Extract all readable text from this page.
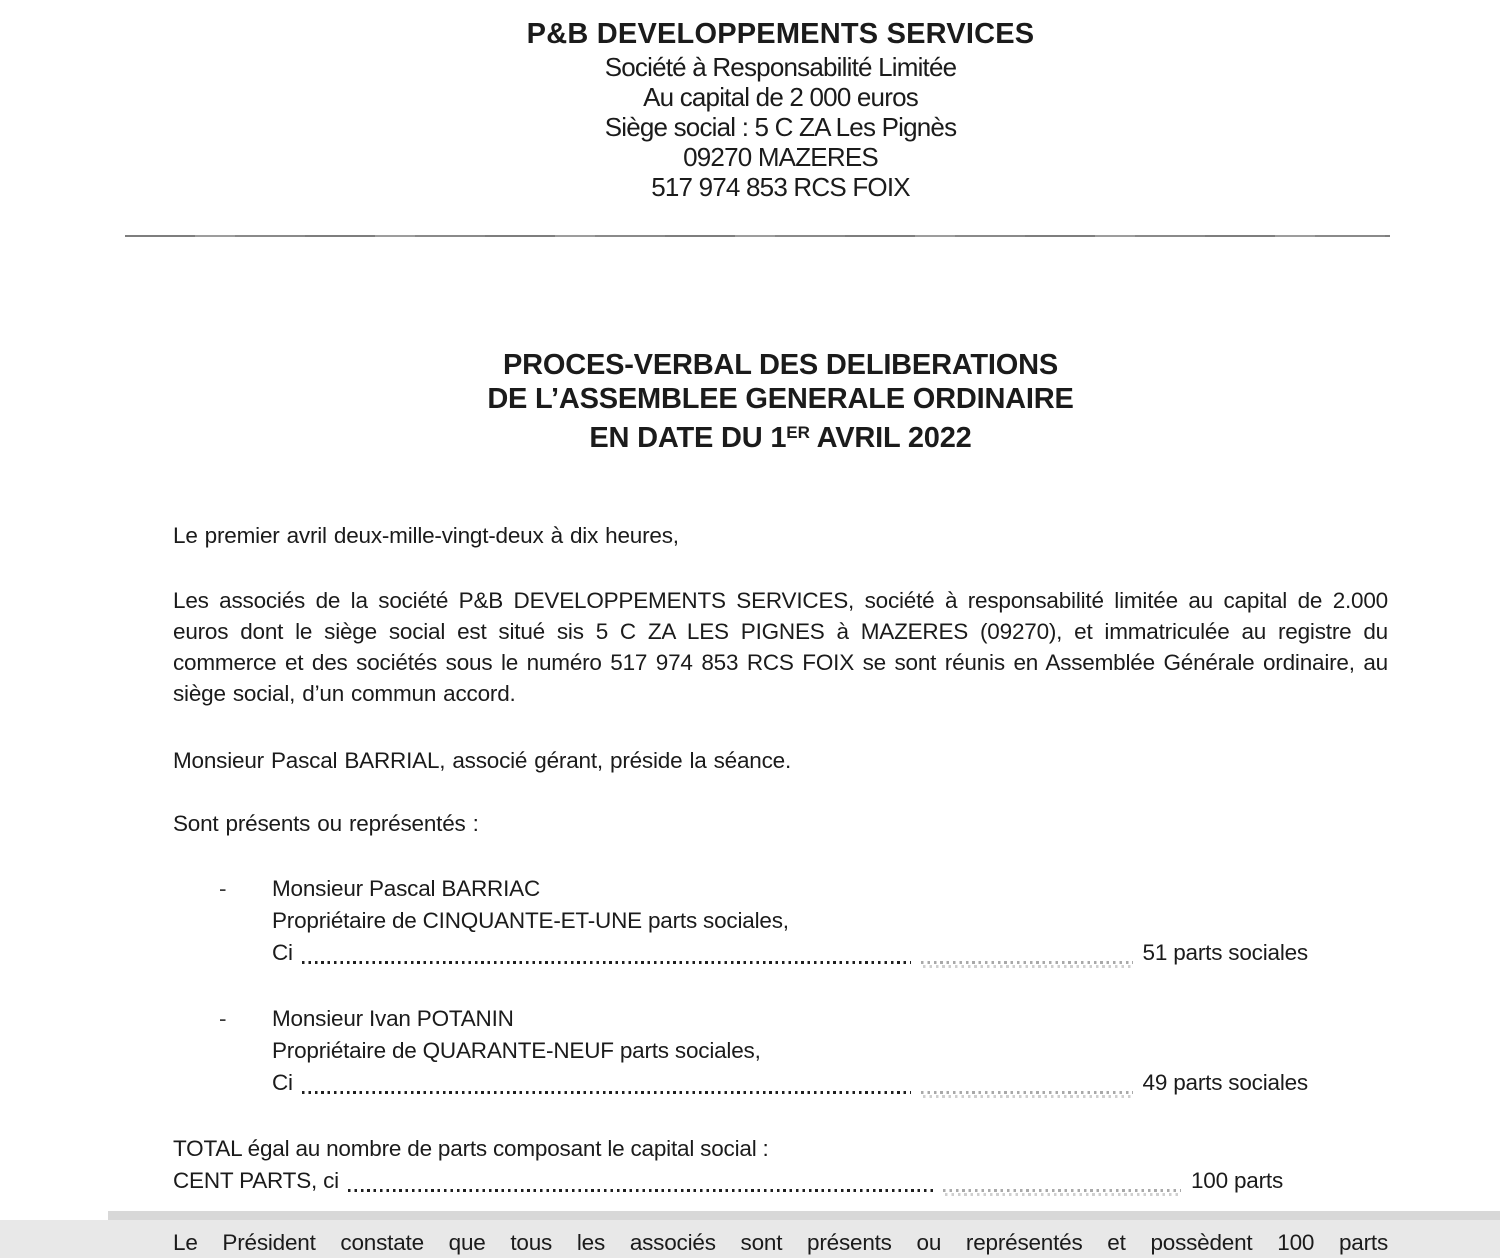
P&B DEVELOPPEMENTS SERVICES
Société à Responsabilité Limitée
Au capital de 2 000 euros
Siège social : 5 C ZA Les Pignès
09270 MAZERES
517 974 853 RCS FOIX
PROCES-VERBAL DES DELIBERATIONS
DE L’ASSEMBLEE GENERALE ORDINAIRE
EN DATE DU 1ER AVRIL 2022

Le premier avril deux-mille-vingt-deux à dix heures,

Les associés de la société P&B DEVELOPPEMENTS SERVICES, société à responsabilité limitée au capital de 2.000 euros dont le siège social est situé sis 5 C ZA LES PIGNES à MAZERES (09270), et immatriculée au registre du commerce et des sociétés sous le numéro 517 974 853 RCS FOIX se sont réunis en Assemblée Générale ordinaire, au siège social, d’un commun accord.

Monsieur Pascal BARRIAL, associé gérant, préside la séance.

Sont présents ou représentés :

- Monsieur Pascal BARRIAC
Propriétaire de CINQUANTE-ET-UNE parts sociales,
Ci	51 parts sociales
- Monsieur Ivan POTANIN
Propriétaire de QUARANTE-NEUF parts sociales,
Ci	49 parts sociales
TOTAL égal au nombre de parts composant le capital social :
CENT PARTS, ci	100 parts

Le Président constate que tous les associés sont présents ou représentés et possèdent 100 parts
